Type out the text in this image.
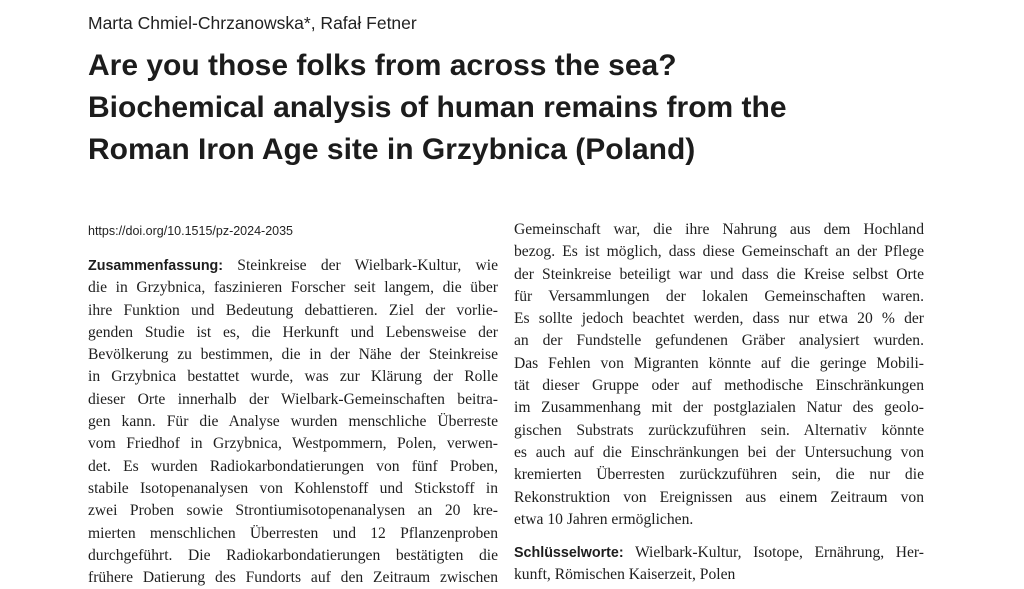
Marta Chmiel-Chrzanowska*, Rafał Fetner
Are you those folks from across the sea?
Biochemical analysis of human remains from the
Roman Iron Age site in Grzybnica (Poland)
https://doi.org/10.1515/pz-2024-2035
Zusammenfassung: Steinkreise der Wielbark-Kultur, wie
die in Grzybnica, faszinieren Forscher seit langem, die über
ihre Funktion und Bedeutung debattieren. Ziel der vorlie-
genden Studie ist es, die Herkunft und Lebensweise der
Bevölkerung zu bestimmen, die in der Nähe der Steinkreise
in Grzybnica bestattet wurde, was zur Klärung der Rolle
dieser Orte innerhalb der Wielbark-Gemeinschaften beitra-
gen kann. Für die Analyse wurden menschliche Überreste
vom Friedhof in Grzybnica, Westpommern, Polen, verwen-
det. Es wurden Radiokarbondatierungen von fünf Proben,
stabile Isotopenanalysen von Kohlenstoff und Stickstoff in
zwei Proben sowie Strontiumisotopenanalysen an 20 kre-
mierten menschlichen Überresten und 12 Pflanzenproben
durchgeführt. Die Radiokarbondatierungen bestätigten die
frühere Datierung des Fundorts auf den Zeitraum zwischen
Gemeinschaft war, die ihre Nahrung aus dem Hochland
bezog. Es ist möglich, dass diese Gemeinschaft an der Pflege
der Steinkreise beteiligt war und dass die Kreise selbst Orte
für Versammlungen der lokalen Gemeinschaften waren.
Es sollte jedoch beachtet werden, dass nur etwa 20 % der
an der Fundstelle gefundenen Gräber analysiert wurden.
Das Fehlen von Migranten könnte auf die geringe Mobili-
tät dieser Gruppe oder auf methodische Einschränkungen
im Zusammenhang mit der postglazialen Natur des geolo-
gischen Substrats zurückzuführen sein. Alternativ könnte
es auch auf die Einschränkungen bei der Untersuchung von
kremierten Überresten zurückzuführen sein, die nur die
Rekonstruktion von Ereignissen aus einem Zeitraum von
etwa 10 Jahren ermöglichen.
Schlüsselworte: Wielbark-Kultur, Isotope, Ernährung, Her-
kunft, Römischen Kaiserzeit, Polen
